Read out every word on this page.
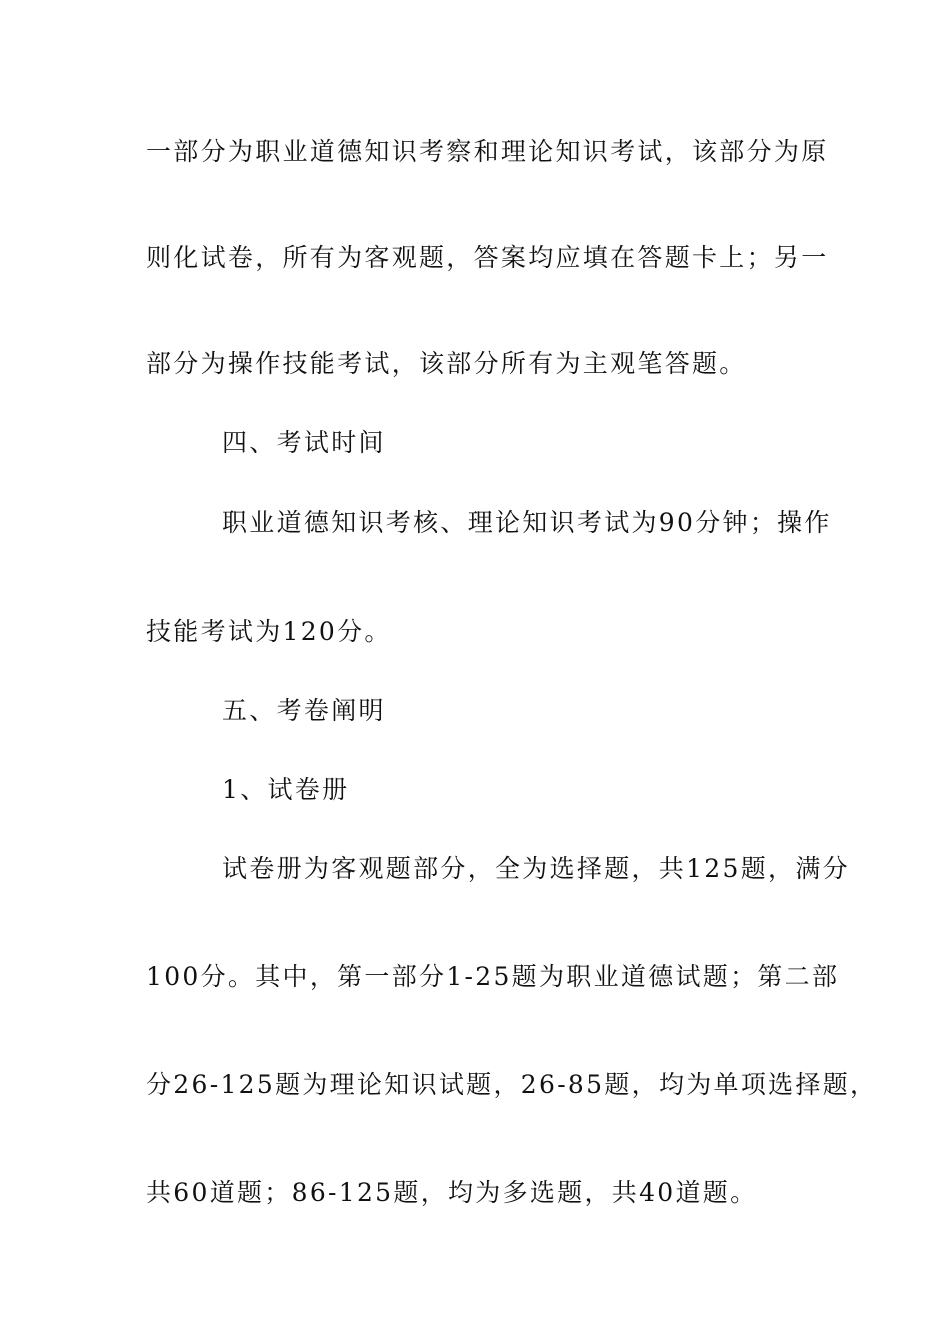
一部分为职业道德知识考察和理论知识考试，该部分为原
则化试卷，所有为客观题，答案均应填在答题卡上；另一
部分为操作技能考试，该部分所有为主观笔答题。
四、考试时间
职业道德知识考核、理论知识考试为90分钟；操作
技能考试为120分。
五、考卷阐明
1、试卷册
试卷册为客观题部分，全为选择题，共125题，满分
100分。其中，第一部分1-25题为职业道德试题；第二部
分26-125题为理论知识试题，26-85题，均为单项选择题，
共60道题；86-125题，均为多选题，共40道题。
